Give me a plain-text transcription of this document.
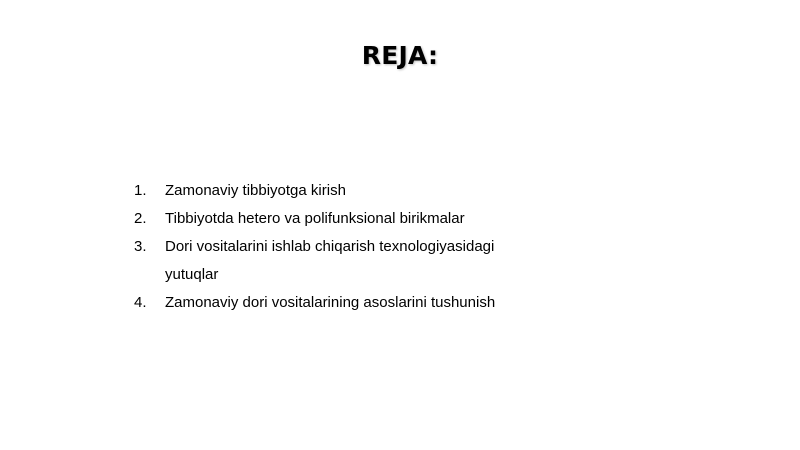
REJA:
1. Zamonaviy tibbiyotga kirish
2. Tibbiyotda hetero va polifunksional birikmalar
3. Dori vositalarini ishlab chiqarish texnologiyasidagi yutuqlar
4. Zamonaviy dori vositalarining asoslarini tushunish
